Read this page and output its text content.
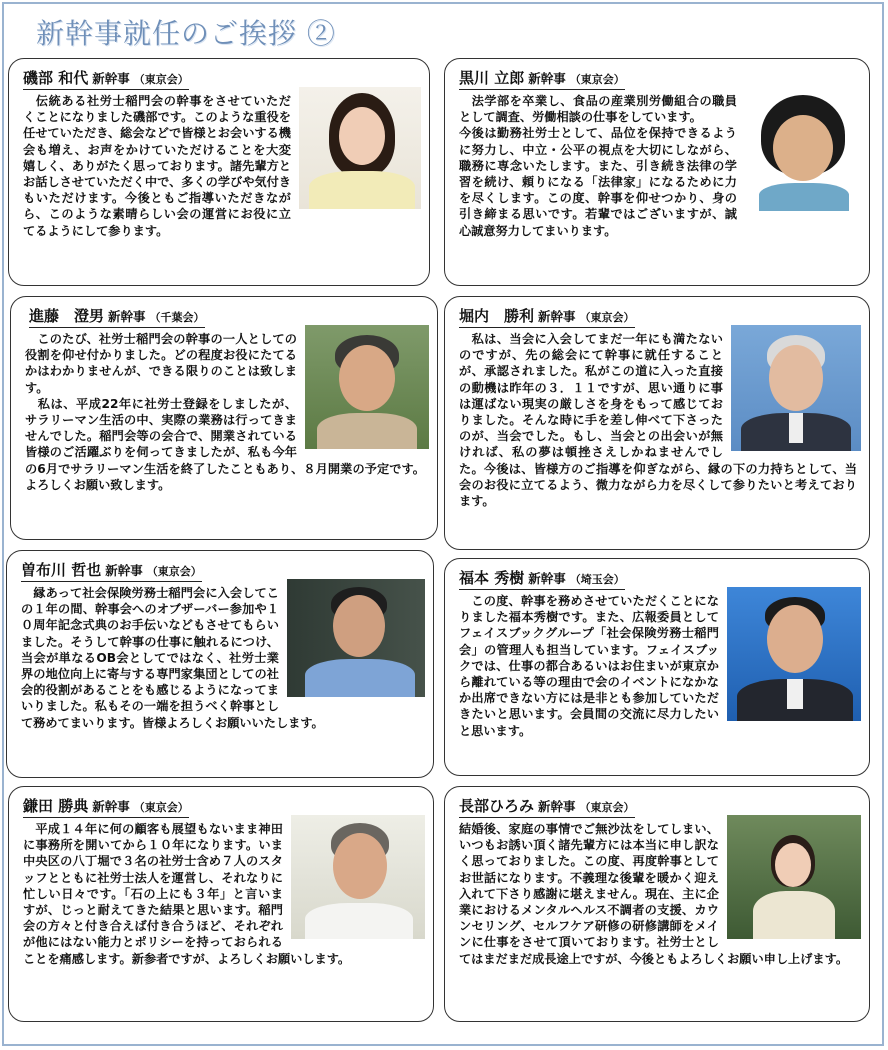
新幹事就任のご挨拶 ②
磯部 和代 新幹事 （東京会）
　伝統ある社労士稲門会の幹事をさせていただくことになりました磯部です。このような重役を任せていただき、総会などで皆様とお会いする機会も増え、お声をかけていただけることを大変嬉しく、ありがたく思っております。諸先輩方とお話しさせていただく中で、多くの学びや気付きもいただけます。今後ともご指導いただきながら、このような素晴らしい会の運営にお役に立てるようにして参ります。
黒川 立郎 新幹事 （東京会）
　法学部を卒業し、食品の産業別労働組合の職員として調査、労働相談の仕事をしています。
今後は勤務社労士として、品位を保持できるように努力し、中立・公平の視点を大切にしながら、職務に専念いたします。また、引き続き法律の学習を続け、頼りになる「法律家」になるために力を尽くします。この度、幹事を仰せつかり、身の引き締まる思いです。若輩ではございますが、誠心誠意努力してまいります。
進藤　澄男 新幹事 （千葉会）
　このたび、社労士稲門会の幹事の一人としての役割を仰せ付かりました。どの程度お役にたてるかはわかりませんが、できる限りのことは致します。
　私は、平成22年に社労士登録をしましたが、サラリーマン生活の中、実際の業務は行ってきませんでした。稲門会等の会合で、開業されている皆様のご活躍ぶりを伺ってきましたが、私も今年の6月でサラリーマン生活を終了したこともあり、８月開業の予定です。よろしくお願い致します。
堀内　勝利 新幹事 （東京会）
　私は、当会に入会してまだ一年にも満たないのですが、先の総会にて幹事に就任することが、承認されました。私がこの道に入った直接の動機は昨年の３．１１ですが、思い通りに事は運ばない現実の厳しさを身をもって感じておりました。そんな時に手を差し伸べて下さったのが、当会でした。もし、当会との出会いが無ければ、私の夢は頓挫さえしかねませんでした。今後は、皆様方のご指導を仰ぎながら、縁の下の力持ちとして、当会のお役に立てるよう、微力ながら力を尽くして参りたいと考えております。
曽布川 哲也 新幹事 （東京会）
　縁あって社会保険労務士稲門会に入会してこの１年の間、幹事会へのオブザーバー参加や１０周年記念式典のお手伝いなどもさせてもらいました。そうして幹事の仕事に触れるにつけ、当会が単なるOB会としてではなく、社労士業界の地位向上に寄与する専門家集団としての社会的役割があることをも感じるようになってまいりました。私もその一端を担うべく幹事として務めてまいります。皆様よろしくお願いいたします。
福本 秀樹 新幹事 （埼玉会）
　この度、幹事を務めさせていただくことになりました福本秀樹です。また、広報委員としてフェイスブックグループ「社会保険労務士稲門会」の管理人も担当しています。フェイスブックでは、仕事の都合あるいはお住まいが東京から離れている等の理由で会のイベントになかなか出席できない方には是非とも参加していただきたいと思います。会員間の交流に尽力したいと思います。
鎌田 勝典 新幹事 （東京会）
　平成１４年に何の顧客も展望もないまま神田に事務所を開いてから１０年になります。いま中央区の八丁堀で３名の社労士含め７人のスタッフとともに社労士法人を運営し、それなりに忙しい日々です。「石の上にも３年」と言いますが、じっと耐えてきた結果と思います。稲門会の方々と付き合えば付き合うほど、それぞれが他にはない能力とポリシーを持っておられることを痛感します。新参者ですが、よろしくお願いします。
長部ひろみ 新幹事 （東京会）
結婚後、家庭の事情でご無沙汰をしてしまい、いつもお誘い頂く諸先輩方には本当に申し訳なく思っておりました。この度、再度幹事としてお世話になります。不義理な後輩を暖かく迎え入れて下さり感謝に堪えません。現在、主に企業におけるメンタルヘルス不調者の支援、カウンセリング、セルフケア研修の研修講師をメインに仕事をさせて頂いております。社労士としてはまだまだ成長途上ですが、今後ともよろしくお願い申し上げます。
